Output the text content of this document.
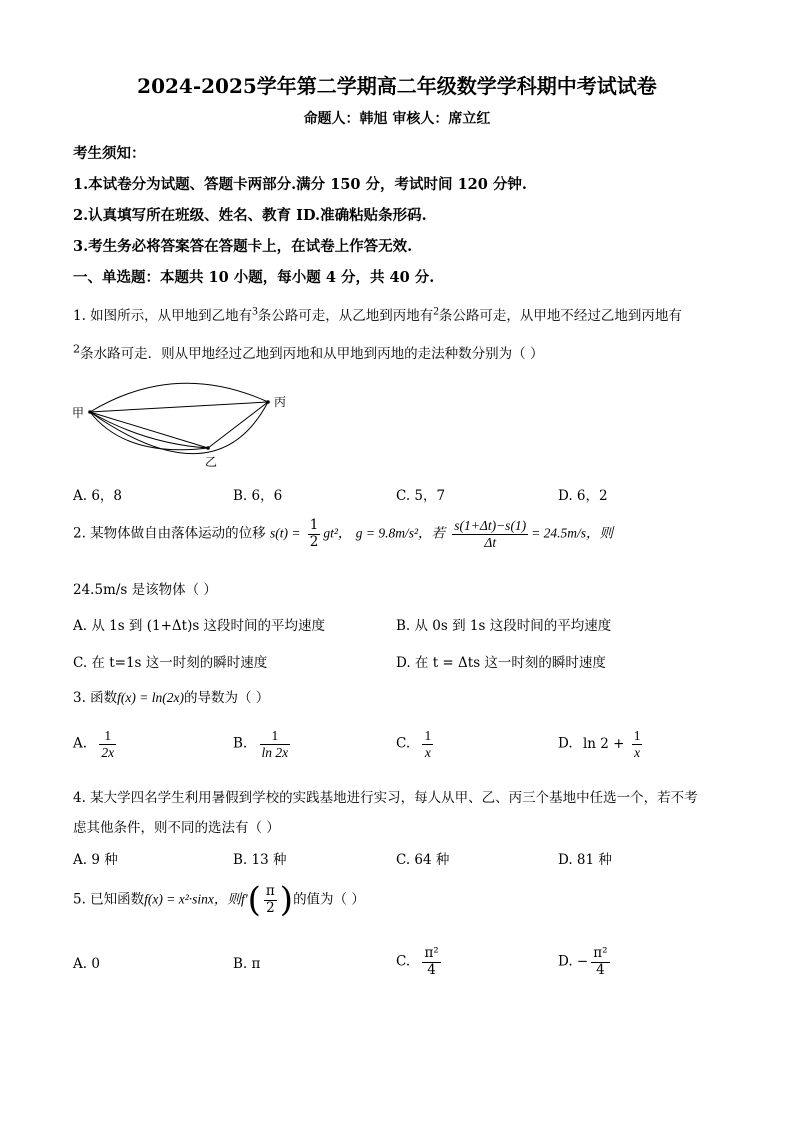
2024-2025学年第二学期高二年级数学学科期中考试试卷
命题人：韩旭 审核人：席立红
考生须知：
1.本试卷分为试题、答题卡两部分.满分 150 分，考试时间 120 分钟.
2.认真填写所在班级、姓名、教育 ID.准确粘贴条形码.
3.考生务必将答案答在答题卡上，在试卷上作答无效.
一、单选题：本题共 10 小题，每小题 4 分，共 40 分.
1. 如图所示，从甲地到乙地有$^3$条公路可走，从乙地到丙地有$^2$条公路可走，从甲地不经过乙地到丙地有
$^2$条水路可走．则从甲地经过乙地到丙地和从甲地到丙地的走法种数分别为（ ）
甲
丙
乙
A. 6，8	B. 6，6	C. 5，7	D. 6，2
2. 某物体做自由落体运动的位移 $s(t) = \frac{1}{2} gt^2$， g = 9.8m/s²，若 $\frac{s(1+\Delta t)-s(1)}{\Delta t} = 24.5m/s$，则
24.5m/s 是该物体（ ）
A. 从 1s 到 (1+Δt)s 这段时间的平均速度	B. 从 0s 到 1s 这段时间的平均速度
C. 在 t=1s 这一时刻的瞬时速度	D. 在 t = Δts 这一时刻的瞬时速度
3. 函数f(x) = ln(2x)的导数为（ ）
A. $\frac{1}{2x}$	B. $\frac{1}{\ln 2x}$	C. $\frac{1}{x}$	D. $\ln 2 + \frac{1}{x}$
4. 某大学四名学生利用暑假到学校的实践基地进行实习，每人从甲、乙、丙三个基地中任选一个，若不考
虑其他条件，则不同的选法有（ ）
A. 9 种	B. 13 种	C. 64 种	D. 81 种
5. 已知函数f(x) = x²·sinx，则$f'( \frac{\pi}{2}$ )的值为（ ）
A. 0	B. π	C. $\frac{\text{π²}}{4}$	D. − $\frac{\text{π²}}{4}$
